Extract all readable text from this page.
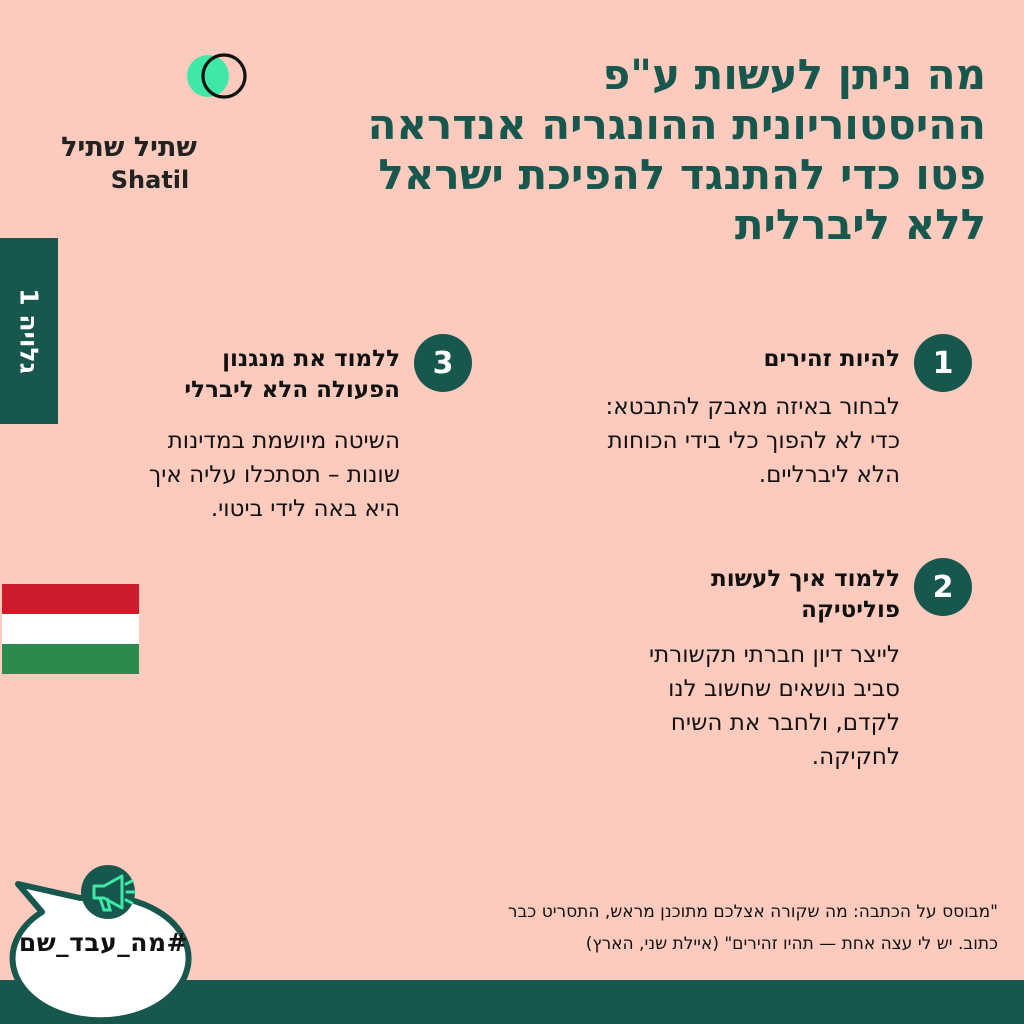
מה ניתן לעשות ע"פ
ההיסטוריונית ההונגריה אנדראה
פטו כדי להתנגד להפיכת ישראל
ללא ליברלית
שתיל שתיל
Shatil
גלויה 1	1
להיות זהירים
לבחור באיזה מאבק להתבטא:
כדי לא להפוך כלי בידי הכוחות
הלא ליברליים.
2
ללמוד איך לעשות
פוליטיקה
לייצר דיון חברתי תקשורתי
סביב נושאים שחשוב לנו
לקדם, ולחבר את השיח
לחקיקה.
3
ללמוד את מנגנון
הפעולה הלא ליברלי
השיטה מיושמת במדינות
שונות – תסתכלו עליה איך
היא באה לידי ביטוי.
"מבוסס על הכתבה: מה שקורה אצלכם מתוכנן מראש, התסריט כבר
כתוב. יש לי עצה אחת — תהיו זהירים" (איילת שני, הארץ)
#מה_עבד_שם
